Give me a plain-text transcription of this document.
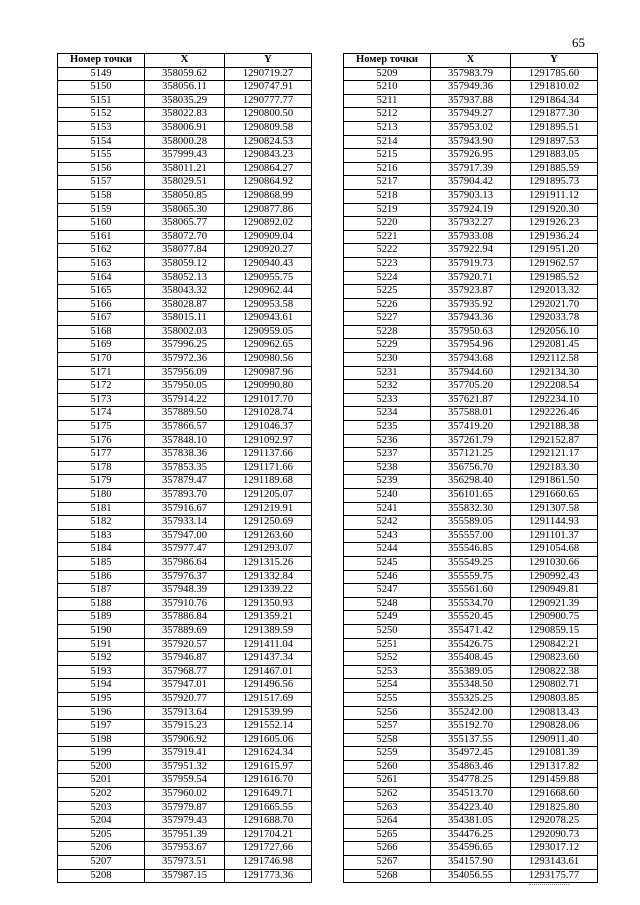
65
Номер точки	X	Y
5149	358059.62	1290719.27
5150	358056.11	1290747.91
5151	358035.29	1290777.77
5152	358022.83	1290800.50
5153	358006.91	1290809.58
5154	358000.28	1290824.53
5155	357999.43	1290843.23
5156	358011.21	1290864.27
5157	358029.51	1290864.92
5158	358050.85	1290868.99
5159	358065.30	1290877.86
5160	358065.77	1290892.02
5161	358072.70	1290909.04
5162	358077.84	1290920.27
5163	358059.12	1290940.43
5164	358052.13	1290955.75
5165	358043.32	1290962.44
5166	358028.87	1290953.58
5167	358015.11	1290943.61
5168	358002.03	1290959.05
5169	357996.25	1290962.65
5170	357972.36	1290980.56
5171	357956.09	1290987.96
5172	357950.05	1290990.80
5173	357914.22	1291017.70
5174	357889.50	1291028.74
5175	357866.57	1291046.37
5176	357848.10	1291092.97
5177	357838.36	1291137.66
5178	357853.35	1291171.66
5179	357879.47	1291189.68
5180	357893.70	1291205.07
5181	357916.67	1291219.91
5182	357933.14	1291250.69
5183	357947.00	1291263.60
5184	357977.47	1291293.07
5185	357986.64	1291315.26
5186	357976.37	1291332.84
5187	357948.39	1291339.22
5188	357910.76	1291350.93
5189	357886.84	1291359.21
5190	357889.69	1291389.59
5191	357920.57	1291411.04
5192	357946.87	1291437.34
5193	357968.77	1291467.01
5194	357947.01	1291496.56
5195	357920.77	1291517.69
5196	357913.64	1291539.99
5197	357915.23	1291552.14
5198	357906.92	1291605.06
5199	357919.41	1291624.34
5200	357951.32	1291615.97
5201	357959.54	1291616.70
5202	357960.02	1291649.71
5203	357979.87	1291665.55
5204	357979.43	1291688.70
5205	357951.39	1291704.21
5206	357953.67	1291727.66
5207	357973.51	1291746.98
5208	357987.15	1291773.36
Номер точки	X	Y
5209	357983.79	1291785.60
5210	357949.36	1291810.02
5211	357937.88	1291864.34
5212	357949.27	1291877.30
5213	357953.02	1291895.51
5214	357943.90	1291897.53
5215	357926.95	1291883.05
5216	357917.39	1291885.59
5217	357904.42	1291895.73
5218	357903.13	1291911.12
5219	357924.19	1291920.30
5220	357932.27	1291926.23
5221	357933.08	1291936.24
5222	357922.94	1291951.20
5223	357919.73	1291962.57
5224	357920.71	1291985.52
5225	357923.87	1292013.32
5226	357935.92	1292021.70
5227	357943.36	1292033.78
5228	357950.63	1292056.10
5229	357954.96	1292081.45
5230	357943.68	1292112.58
5231	357944.60	1292134.30
5232	357705.20	1292208.54
5233	357621.87	1292234.10
5234	357588.01	1292226.46
5235	357419.20	1292188.38
5236	357261.79	1292152.87
5237	357121.25	1292121.17
5238	356756.70	1292183.30
5239	356298.40	1291861.50
5240	356101.65	1291660.65
5241	355832.30	1291307.58
5242	355589.05	1291144.93
5243	355557.00	1291101.37
5244	355546.85	1291054.68
5245	355549.25	1291030.66
5246	355559.75	1290992.43
5247	355561.60	1290949.81
5248	355534.70	1290921.39
5249	355520.45	1290900.75
5250	355471.42	1290859.15
5251	355426.75	1290842.21
5252	355408.45	1290823.60
5253	355389.05	1290822.38
5254	355348.50	1290802.71
5255	355325.25	1290803.85
5256	355242.00	1290813.43
5257	355192.70	1290828.06
5258	355137.55	1290911.40
5259	354972.45	1291081.39
5260	354863.46	1291317.82
5261	354778.25	1291459.88
5262	354513.70	1291668.60
5263	354223.40	1291825.80
5264	354381.05	1292078.25
5265	354476.25	1292090.73
5266	354596.65	1293017.12
5267	354157.90	1293143.61
5268	354056.55	1293175.77
